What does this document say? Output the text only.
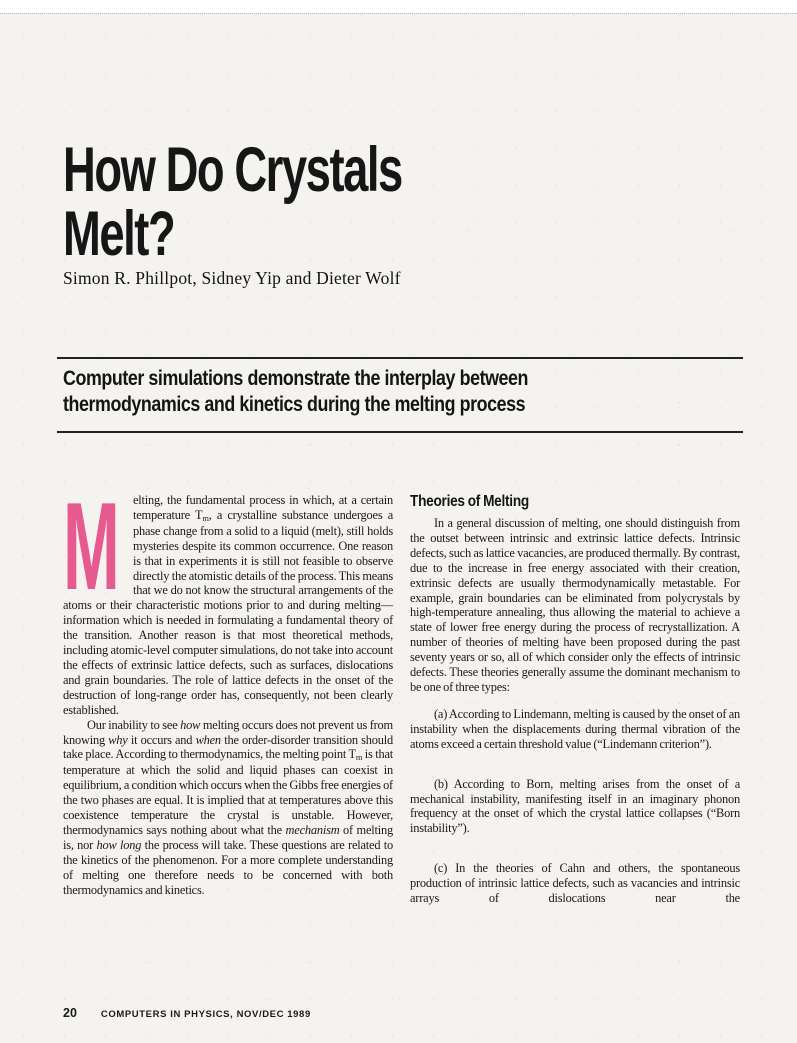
How Do Crystals Melt?
Simon R. Phillpot, Sidney Yip and Dieter Wolf

Computer simulations demonstrate the interplay between thermodynamics and kinetics during the melting process

M elting, the fundamental process in which, at a certain temperature $T_m$, a crystalline substance undergoes a phase change from a solid to a liquid (melt), still holds mysteries despite its common occurrence. One reason is that in experiments it is still not feasible to observe directly the atomistic details of the process. This means that we do not know the structural arrangements of the atoms or their characteristic motions prior to and during melting—information which is needed in formulating a fundamental theory of the transition. Another reason is that most theoretical methods, including atomic-level computer simulations, do not take into account the effects of extrinsic lattice defects, such as surfaces, dislocations and grain boundaries. The role of lattice defects in the onset of the destruction of long-range order has, consequently, not been clearly established.

Our inability to see how melting occurs does not prevent us from knowing why it occurs and when the order-disorder transition should take place. According to thermodynamics, the melting point $T_m$ is that temperature at which the solid and liquid phases can coexist in equilibrium, a condition which occurs when the Gibbs free energies of the two phases are equal. It is implied that at temperatures above this coexistence temperature the crystal is unstable. However, thermodynamics says nothing about what the mechanism of melting is, nor how long the process will take. These questions are related to the kinetics of the phenomenon. For a more complete understanding of melting one therefore needs to be concerned with both thermodynamics and kinetics.

Theories of Melting

In a general discussion of melting, one should distinguish from the outset between intrinsic and extrinsic lattice defects. Intrinsic defects, such as lattice vacancies, are produced thermally. By contrast, due to the increase in free energy associated with their creation, extrinsic defects are usually thermodynamically metastable. For example, grain boundaries can be eliminated from polycrystals by high-temperature annealing, thus allowing the material to achieve a state of lower free energy during the process of recrystallization. A number of theories of melting have been proposed during the past seventy years or so, all of which consider only the effects of intrinsic defects. These theories generally assume the dominant mechanism to be one of three types:

(a) According to Lindemann, melting is caused by the onset of an instability when the displacements during thermal vibration of the atoms exceed a certain threshold value (“Lindemann criterion”).

(b) According to Born, melting arises from the onset of a mechanical instability, manifesting itself in an imaginary phonon frequency at the onset of which the crystal lattice collapses (“Born instability”).

(c) In the theories of Cahn and others, the spontaneous production of intrinsic lattice defects, such as vacancies and intrinsic arrays of dislocations near the

20	COMPUTERS IN PHYSICS, NOV/DEC 1989
